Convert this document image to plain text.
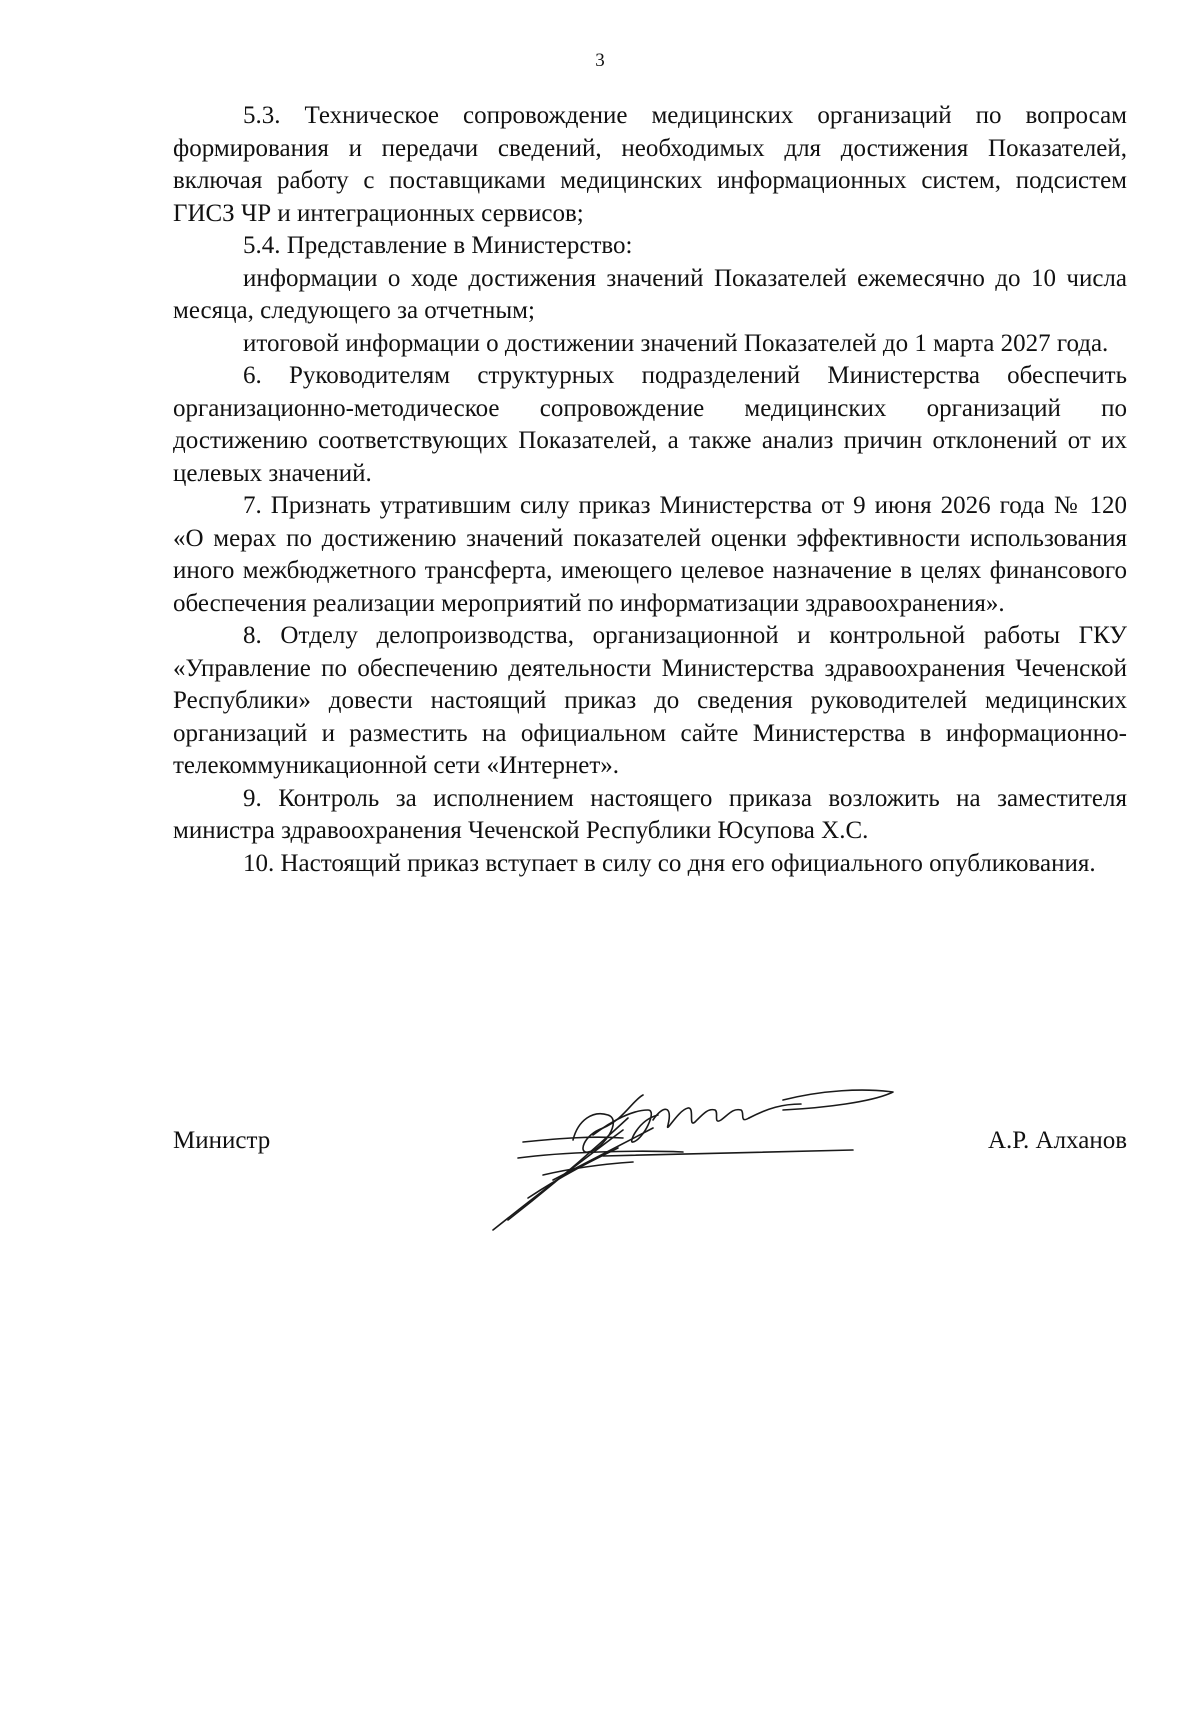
3

5.3. Техническое сопровождение медицинских организаций по вопросам формирования и передачи сведений, необходимых для достижения Показателей, включая работу с поставщиками медицинских информационных систем, подсистем ГИСЗ ЧР и интеграционных сервисов;

5.4. Представление в Министерство:

информации о ходе достижения значений Показателей ежемесячно до 10 числа месяца, следующего за отчетным;

итоговой информации о достижении значений Показателей до 1 марта 2027 года.

6. Руководителям структурных подразделений Министерства обеспечить организационно-методическое сопровождение медицинских организаций по достижению соответствующих Показателей, а также анализ причин отклонений от их целевых значений.

7. Признать утратившим силу приказ Министерства от 9 июня 2026 года № 120 «О мерах по достижению значений показателей оценки эффективности использования иного межбюджетного трансферта, имеющего целевое назначение в целях финансового обеспечения реализации мероприятий по информатизации здравоохранения».

8. Отделу делопроизводства, организационной и контрольной работы ГКУ «Управление по обеспечению деятельности Министерства здравоохранения Чеченской Республики» довести настоящий приказ до сведения руководителей медицинских организаций и разместить на официальном сайте Министерства в информационно-телекоммуникационной сети «Интернет».

9. Контроль за исполнением настоящего приказа возложить на заместителя министра здравоохранения Чеченской Республики Юсупова Х.С.

10. Настоящий приказ вступает в силу со дня его официального опубликования.

Министр	А.Р. Алханов
